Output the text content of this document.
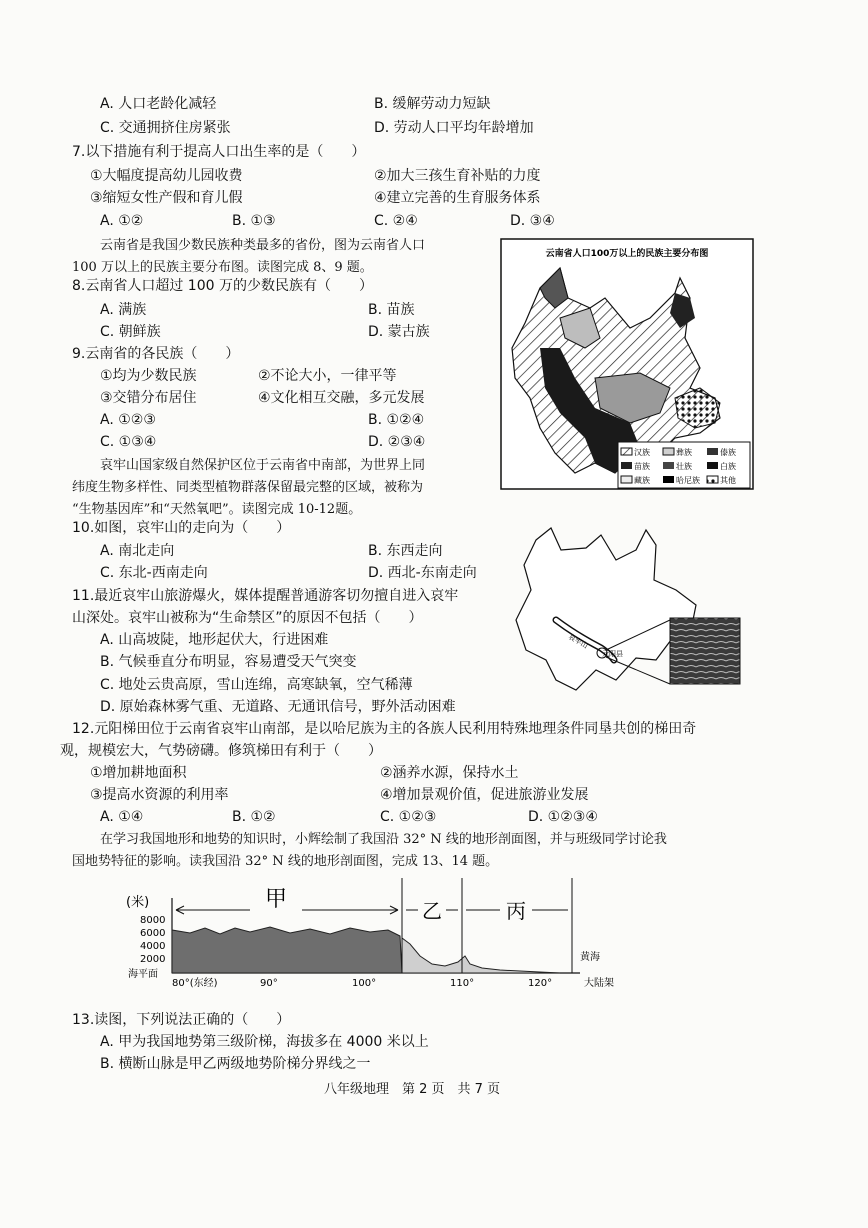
A. 人口老龄化减轻	B. 缓解劳动力短缺
C. 交通拥挤住房紧张	D. 劳动人口平均年龄增加
7.以下措施有利于提高人口出生率的是（　　）
①大幅度提高幼儿园收费	②加大三孩生育补贴的力度
③缩短女性产假和育儿假	④建立完善的生育服务体系
A. ①②	B. ①③	C. ②④	D. ③④
云南省是我国少数民族种类最多的省份，图为云南省人口
100 万以上的民族主要分布图。读图完成 8、9 题。
8.云南省人口超过 100 万的少数民族有（　　）
A. 满族	B. 苗族
C. 朝鲜族	D. 蒙古族
9.云南省的各民族（　　）
①均为少数民族	②不论大小，一律平等
③交错分布居住	④文化相互交融，多元发展
A. ①②③	B. ①②④
C. ①③④	D. ②③④
云南省人口100万以上的民族主要分布图
汉族	彝族	傣族
苗族	壮族	白族
藏族	哈尼族	其他
哀牢山国家级自然保护区位于云南省中南部，为世界上同
纬度生物多样性、同类型植物群落保留最完整的区域，被称为
“生物基因库”和“天然氧吧”。读图完成 10-12题。
10.如图，哀牢山的走向为（　　）
A. 南北走向	B. 东西走向
C. 东北-西南走向	D. 西北-东南走向
哀牢山
元阳县
11.最近哀牢山旅游爆火，媒体提醒普通游客切勿擅自进入哀牢
山深处。哀牢山被称为“生命禁区”的原因不包括（　　）
A. 山高坡陡，地形起伏大，行进困难
B. 气候垂直分布明显，容易遭受天气突变
C. 地处云贵高原，雪山连绵，高寒缺氧，空气稀薄
D. 原始森林雾气重、无道路、无通讯信号，野外活动困难
12.元阳梯田位于云南省哀牢山南部，是以哈尼族为主的各族人民利用特殊地理条件同垦共创的梯田奇
观，规模宏大，气势磅礴。修筑梯田有利于（　　）
①增加耕地面积	②涵养水源，保持水土
③提高水资源的利用率	④增加景观价值，促进旅游业发展
A. ①④	B. ①②	C. ①②③	D. ①②③④
在学习我国地形和地势的知识时，小辉绘制了我国沿 32° N 线的地形剖面图，并与班级同学讨论我
国地势特征的影响。读我国沿 32° N 线的地形剖面图，完成 13、14 题。
(米)
8000
6000
4000
2000
海平面
甲	乙	丙
黄海
大陆架
80°(东经)	90°	100°	110°	120°
13.读图，下列说法正确的（　　）
A. 甲为我国地势第三级阶梯，海拔多在 4000 米以上
B. 横断山脉是甲乙两级地势阶梯分界线之一
八年级地理　第 2 页　共 7 页
